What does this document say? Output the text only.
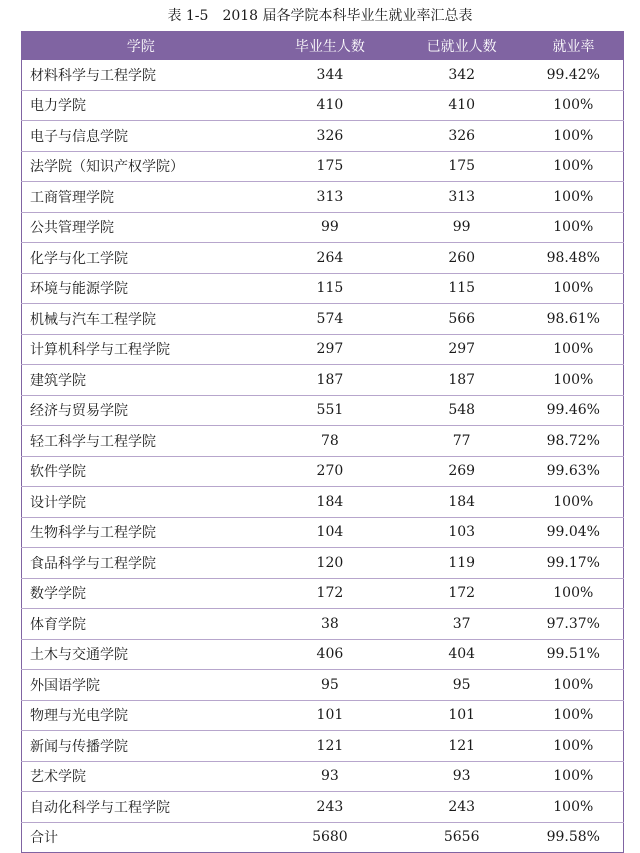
表 1-5 2018 届各学院本科毕业生就业率汇总表
学院	毕业生人数	已就业人数	就业率
材料科学与工程学院	344	342	99.42%
电力学院	410	410	100%
电子与信息学院	326	326	100%
法学院（知识产权学院）	175	175	100%
工商管理学院	313	313	100%
公共管理学院	99	99	100%
化学与化工学院	264	260	98.48%
环境与能源学院	115	115	100%
机械与汽车工程学院	574	566	98.61%
计算机科学与工程学院	297	297	100%
建筑学院	187	187	100%
经济与贸易学院	551	548	99.46%
轻工科学与工程学院	78	77	98.72%
软件学院	270	269	99.63%
设计学院	184	184	100%
生物科学与工程学院	104	103	99.04%
食品科学与工程学院	120	119	99.17%
数学学院	172	172	100%
体育学院	38	37	97.37%
土木与交通学院	406	404	99.51%
外国语学院	95	95	100%
物理与光电学院	101	101	100%
新闻与传播学院	121	121	100%
艺术学院	93	93	100%
自动化科学与工程学院	243	243	100%
合计	5680	5656	99.58%
